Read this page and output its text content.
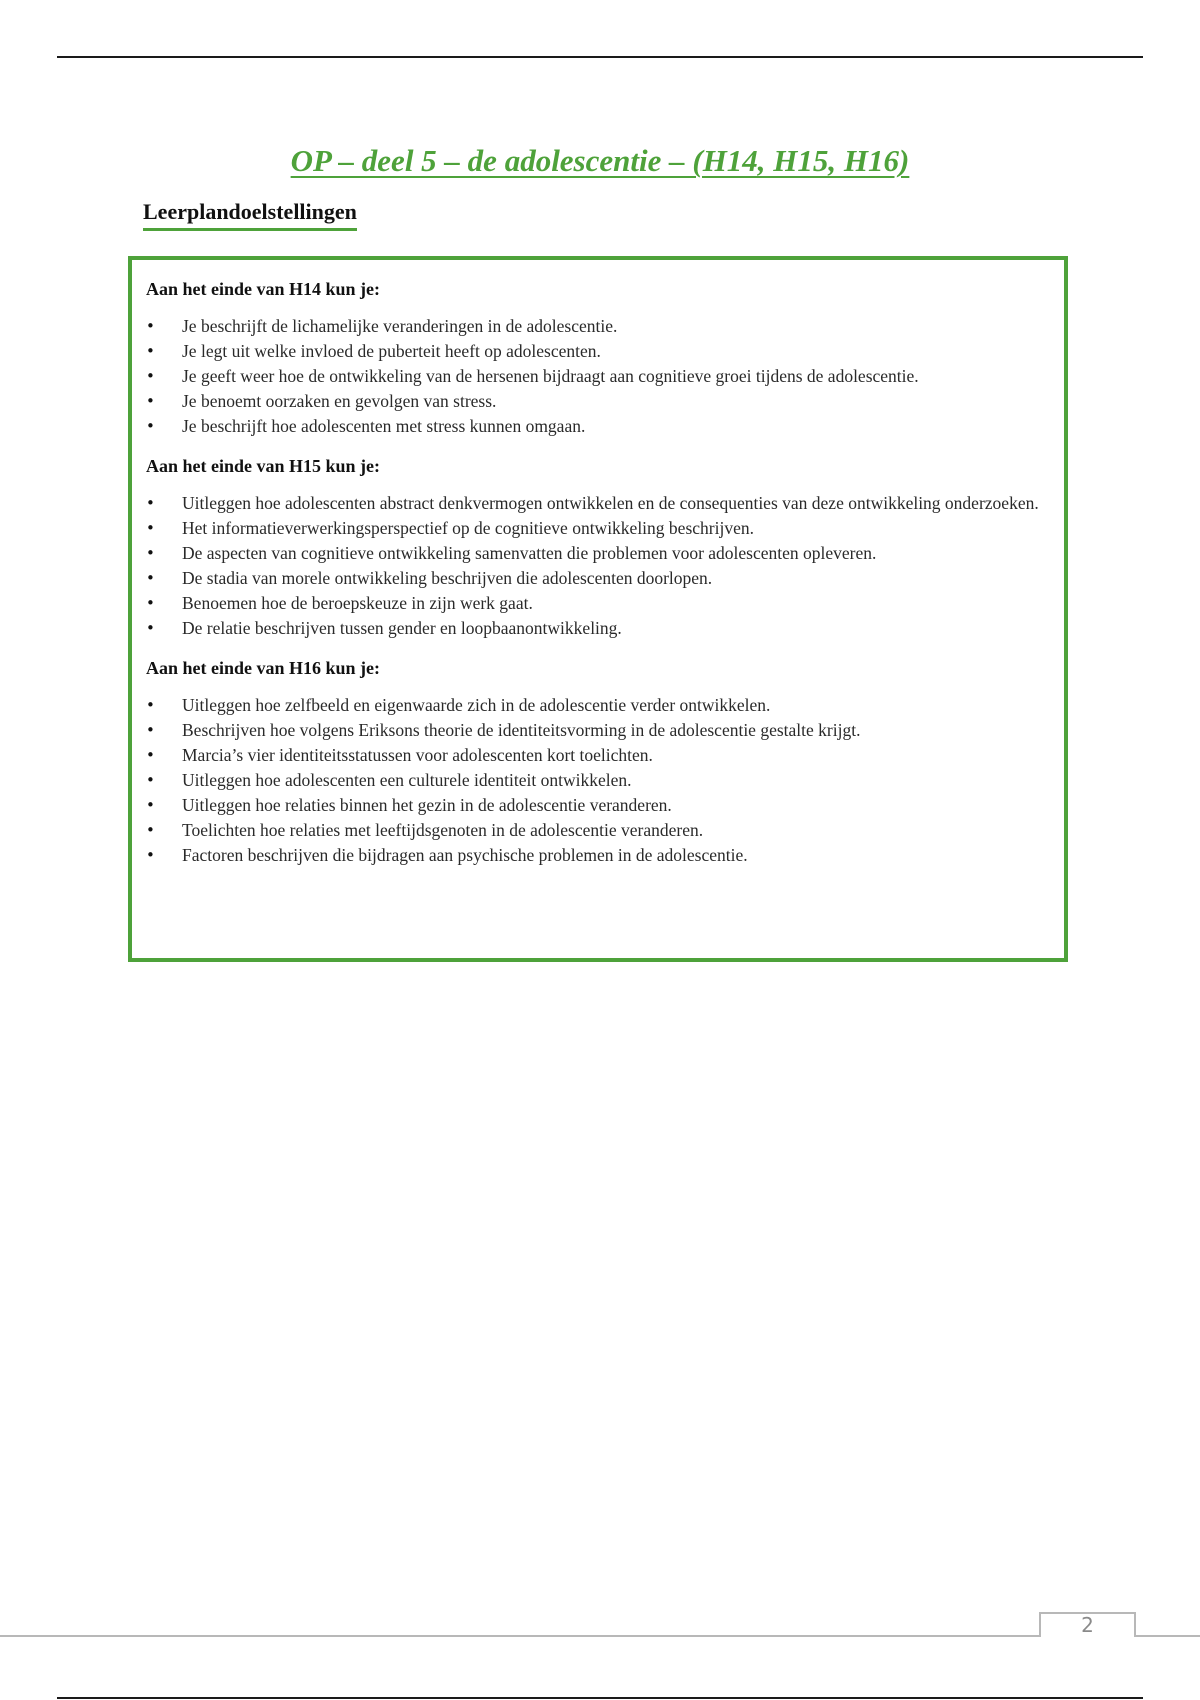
OP – deel 5 – de adolescentie – (H14, H15, H16)
Leerplandoelstellingen
Aan het einde van H14 kun je:
• Je beschrijft de lichamelijke veranderingen in de adolescentie.
• Je legt uit welke invloed de puberteit heeft op adolescenten.
• Je geeft weer hoe de ontwikkeling van de hersenen bijdraagt aan cognitieve groei tijdens de adolescentie.
• Je benoemt oorzaken en gevolgen van stress.
• Je beschrijft hoe adolescenten met stress kunnen omgaan.
Aan het einde van H15 kun je:
• Uitleggen hoe adolescenten abstract denkvermogen ontwikkelen en de consequenties van deze ontwikkeling onderzoeken.
• Het informatieverwerkingsperspectief op de cognitieve ontwikkeling beschrijven.
• De aspecten van cognitieve ontwikkeling samenvatten die problemen voor adolescenten opleveren.
• De stadia van morele ontwikkeling beschrijven die adolescenten doorlopen.
• Benoemen hoe de beroepskeuze in zijn werk gaat.
• De relatie beschrijven tussen gender en loopbaanontwikkeling.
Aan het einde van H16 kun je:
• Uitleggen hoe zelfbeeld en eigenwaarde zich in de adolescentie verder ontwikkelen.
• Beschrijven hoe volgens Eriksons theorie de identiteitsvorming in de adolescentie gestalte krijgt.
• Marcia’s vier identiteitsstatussen voor adolescenten kort toelichten.
• Uitleggen hoe adolescenten een culturele identiteit ontwikkelen.
• Uitleggen hoe relaties binnen het gezin in de adolescentie veranderen.
• Toelichten hoe relaties met leeftijdsgenoten in de adolescentie veranderen.
• Factoren beschrijven die bijdragen aan psychische problemen in de adolescentie.
2
